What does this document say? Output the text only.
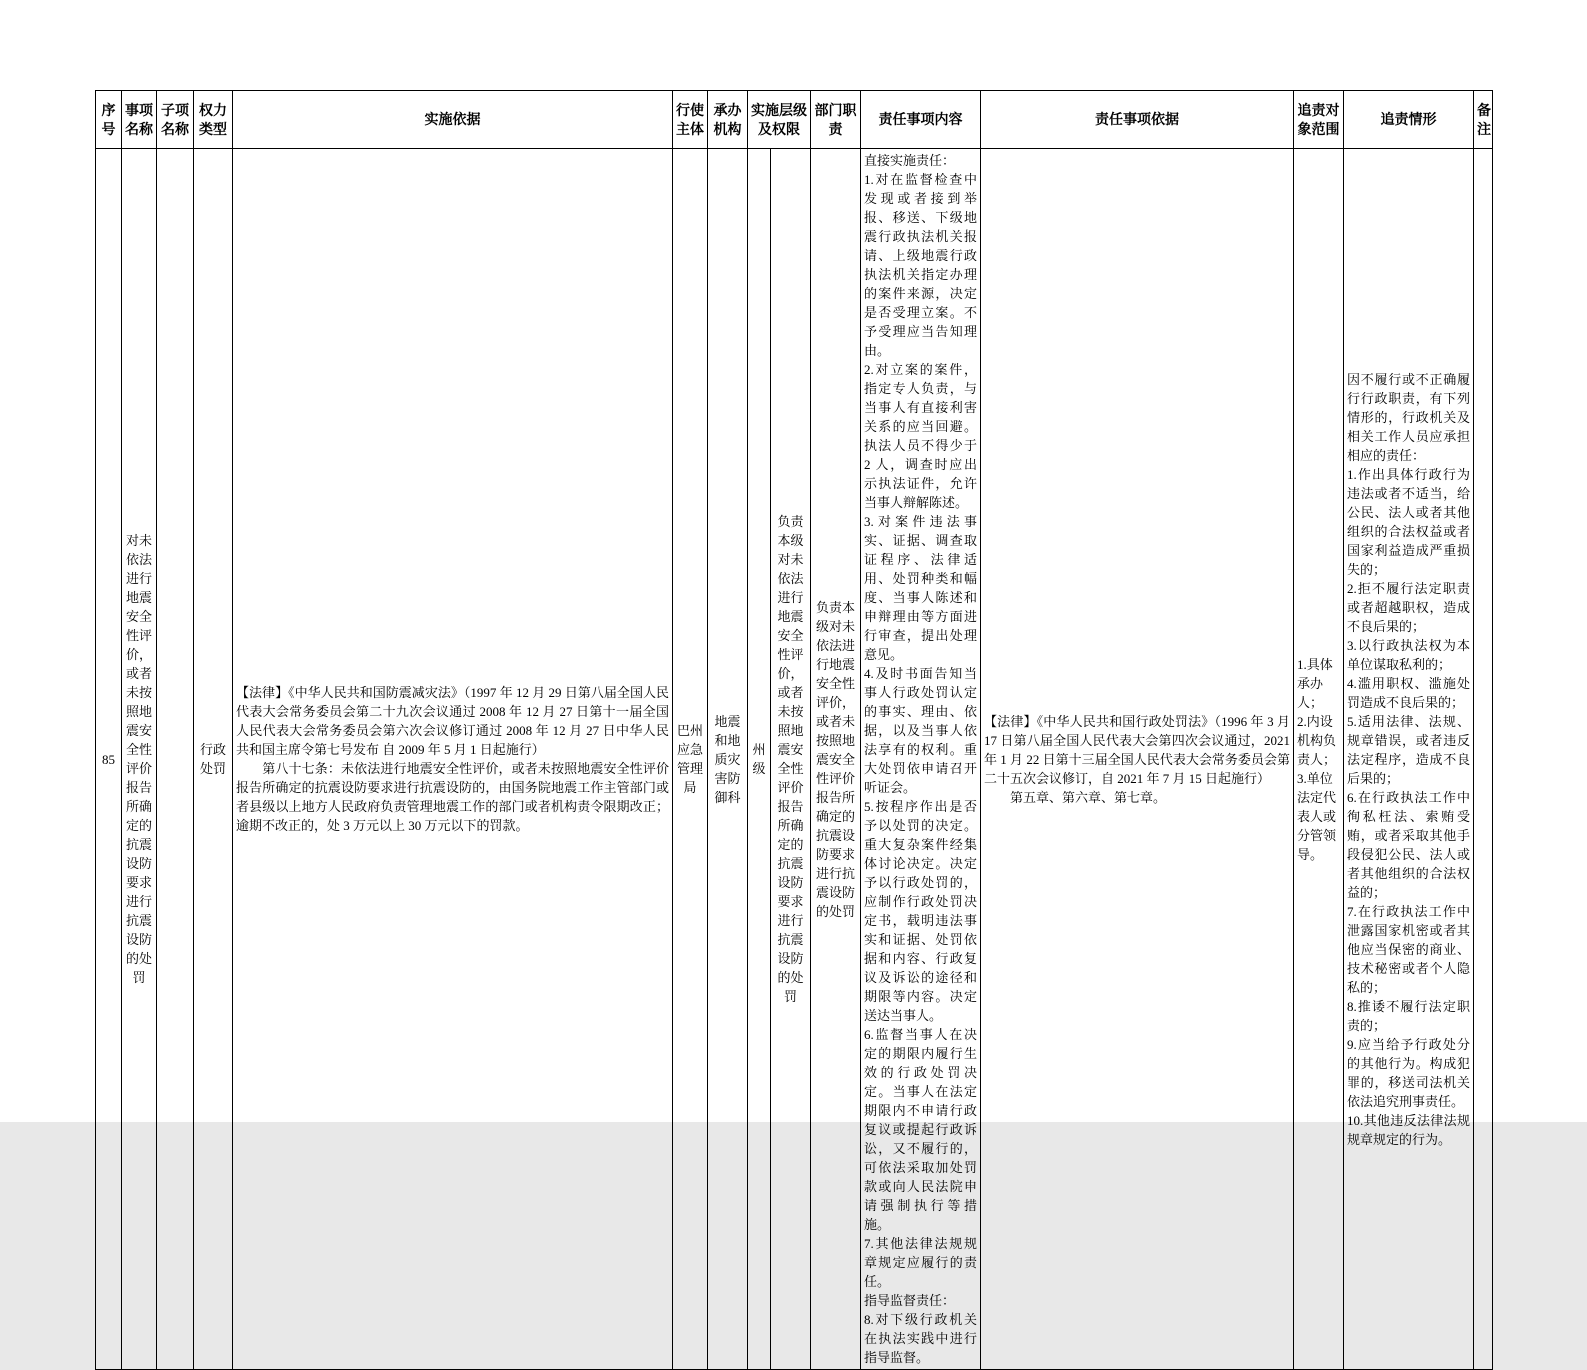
序号	事项名称	子项名称	权力类型	实施依据	行使主体	承办机构	实施层级及权限		部门职责	责任事项内容	责任事项依据	追责对象范围	追责情形	备注
85	对未依法进行地震安全性评价，或者未按照地震安全性评价报告所确定的抗震设防要求进行抗震设防的处罚		行政处罚	【法律】《中华人民共和国防震减灾法》（1997 年 12 月 29 日第八届全国人民代表大会常务委员会第二十九次会议通过 2008 年 12 月 27 日第十一届全国人民代表大会常务委员会第六次会议修订通过 2008 年 12 月 27 日中华人民共和国主席令第七号发布 自 2009 年 5 月 1 日起施行）
　　第八十七条：未依法进行地震安全性评价，或者未按照地震安全性评价报告所确定的抗震设防要求进行抗震设防的，由国务院地震工作主管部门或者县级以上地方人民政府负责管理地震工作的部门或者机构责令限期改正；逾期不改正的，处 3 万元以上 30 万元以下的罚款。	巴州应急管理局	地震和地质灾害防御科	州级	负责本级对未依法进行地震安全性评价，或者未按照地震安全性评价报告所确定的抗震设防要求进行抗震设防的处罚	负责本级对未依法进行地震安全性评价，或者未按照地震安全性评价报告所确定的抗震设防要求进行抗震设防的处罚	直接实施责任：
1.对在监督检查中发现或者接到举报、移送、下级地震行政执法机关报请、上级地震行政执法机关指定办理的案件来源，决定是否受理立案。不予受理应当告知理由。
2.对立案的案件，指定专人负责，与当事人有直接利害关系的应当回避。执法人员不得少于 2 人，调查时应出示执法证件，允许当事人辩解陈述。
3.对案件违法事实、证据、调查取证程序、法律适用、处罚种类和幅度、当事人陈述和申辩理由等方面进行审查，提出处理意见。
4.及时书面告知当事人行政处罚认定的事实、理由、依据，以及当事人依法享有的权利。重大处罚依申请召开听证会。
5.按程序作出是否予以处罚的决定。重大复杂案件经集体讨论决定。决定予以行政处罚的，应制作行政处罚决定书，载明违法事实和证据、处罚依据和内容、行政复议及诉讼的途径和期限等内容。决定送达当事人。
6.监督当事人在决定的期限内履行生效的行政处罚决定。当事人在法定期限内不申请行政复议或提起行政诉讼，又不履行的，可依法采取加处罚款或向人民法院申请强制执行等措施。
7.其他法律法规规章规定应履行的责任。
指导监督责任：
8.对下级行政机关在执法实践中进行指导监督。	【法律】《中华人民共和国行政处罚法》（1996 年 3 月 17 日第八届全国人民代表大会第四次会议通过，2021 年 1 月 22 日第十三届全国人民代表大会常务委员会第二十五次会议修订，自 2021 年 7 月 15 日起施行）
　　第五章、第六章、第七章。	1.具体承办人；
2.内设机构负责人；
3.单位法定代表人或分管领导。	因不履行或不正确履行行政职责，有下列情形的，行政机关及相关工作人员应承担相应的责任：
1.作出具体行政行为违法或者不适当，给公民、法人或者其他组织的合法权益或者国家利益造成严重损失的；
2.拒不履行法定职责或者超越职权，造成不良后果的；
3.以行政执法权为本单位谋取私利的；
4.滥用职权、滥施处罚造成不良后果的；
5.适用法律、法规、规章错误，或者违反法定程序，造成不良后果的；
6.在行政执法工作中徇私枉法、索贿受贿，或者采取其他手段侵犯公民、法人或者其他组织的合法权益的；
7.在行政执法工作中泄露国家机密或者其他应当保密的商业、技术秘密或者个人隐私的；
8.推诿不履行法定职责的；
9.应当给予行政处分的其他行为。构成犯罪的，移送司法机关依法追究刑事责任。
10.其他违反法律法规规章规定的行为。	
